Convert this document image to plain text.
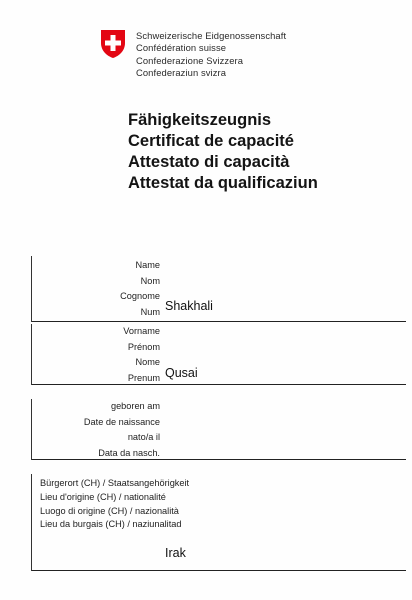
Schweizerische Eidgenossenschaft
Confédération suisse
Confederazione Svizzera
Confederaziun svizra
Fähigkeitszeugnis
Certificat de capacité
Attestato di capacità
Attestat da qualificaziun
Name
Nom
Cognome
Num Shakhali
Vorname
Prénom
Nome
Prenum Qusai
geboren am
Date de naissance
nato/a il
Data da nasch.
Bürgerort (CH) / Staatsangehörigkeit
Lieu d'origine (CH) / nationalité
Luogo di origine (CH) / nazionalità
Lieu da burgais (CH) / naziunalitad
Irak
